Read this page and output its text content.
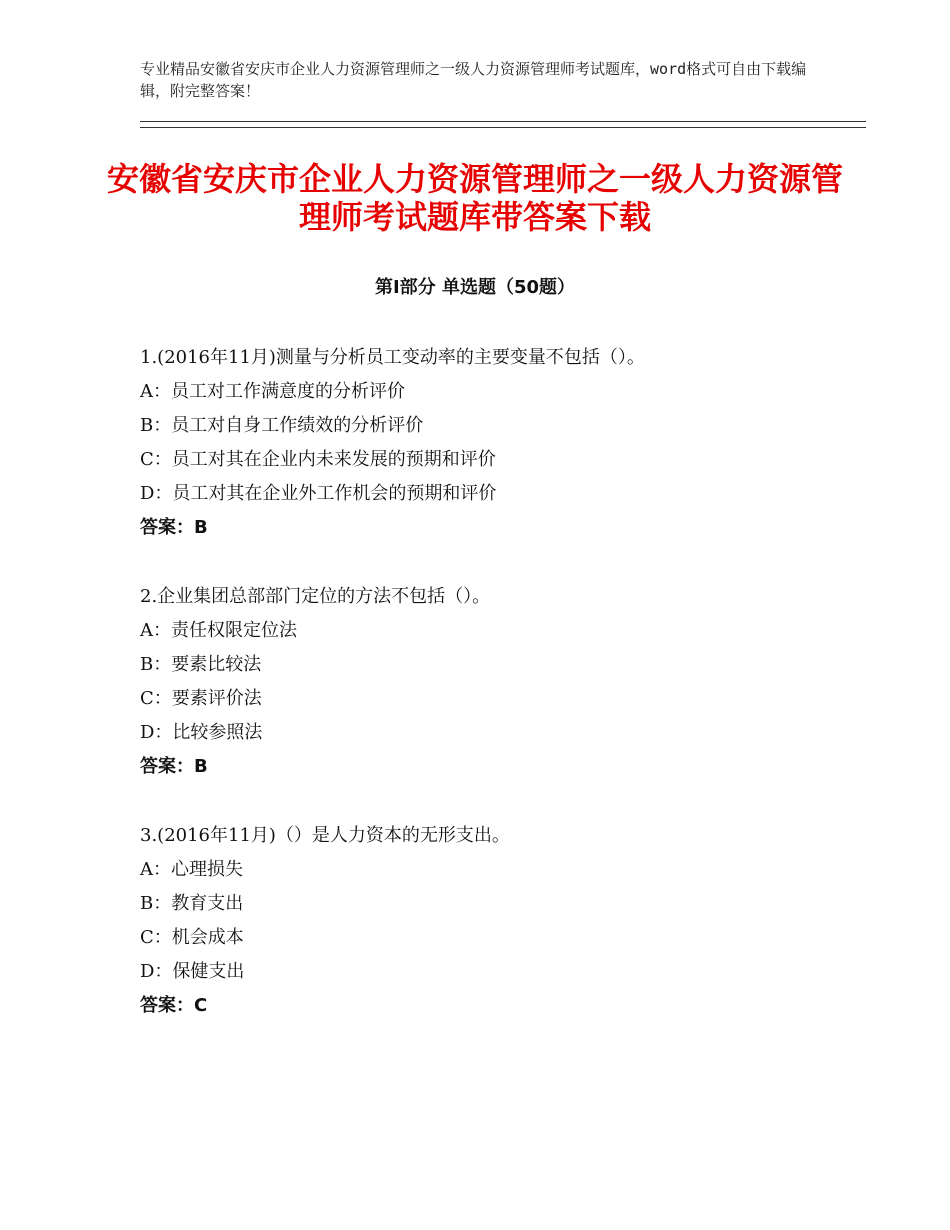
专业精品安徽省安庆市企业人力资源管理师之一级人力资源管理师考试题库，word格式可自由下载编辑，附完整答案！
安徽省安庆市企业人力资源管理师之一级人力资源管理师考试题库带答案下载
第Ⅰ部分 单选题（50题）
1.(2016年11月)测量与分析员工变动率的主要变量不包括（）。
A：员工对工作满意度的分析评价
B：员工对自身工作绩效的分析评价
C：员工对其在企业内未来发展的预期和评价
D：员工对其在企业外工作机会的预期和评价
答案：B
2.企业集团总部部门定位的方法不包括（）。
A：责任权限定位法
B：要素比较法
C：要素评价法
D：比较参照法
答案：B
3.(2016年11月)（）是人力资本的无形支出。
A：心理损失
B：教育支出
C：机会成本
D：保健支出
答案：C
